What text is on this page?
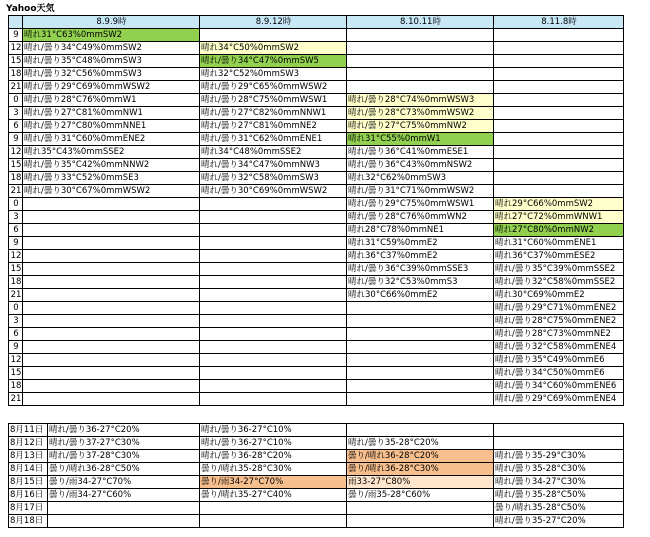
Yahoo天気
	8.9.9時	8.9.12時	8.10.11時	8.11.8時
9	晴れ31°C63%0mmSW2			
12	晴れ/曇り34°C49%0mmSW2	晴れ34°C50%0mmSW2		
15	晴れ/曇り35°C48%0mmSW3	晴れ/曇り34°C47%0mmSW5		
18	晴れ/曇り32°C56%0mmSW3	晴れ32°C52%0mmSW3		
21	晴れ/曇り29°C69%0mmWSW2	晴れ/曇り29°C65%0mmWSW2		
0	晴れ/曇り28°C76%0mmW1	晴れ/曇り28°C75%0mmWSW1	晴れ/曇り28°C74%0mmWSW3	
3	晴れ/曇り27°C81%0mmNW1	晴れ/曇り27°C82%0mmNNW1	晴れ/曇り28°C73%0mmWSW2	
6	晴れ/曇り27°C80%0mmNNE1	晴れ/曇り27°C81%0mmNE2	晴れ/曇り27°C75%0mmNW2	
9	晴れ/曇り31°C60%0mmENE2	晴れ/曇り31°C62%0mmENE1	晴れ31°C55%0mmW1	
12	晴れ35°C43%0mmSSE2	晴れ34°C48%0mmSSE2	晴れ/曇り36°C41%0mmESE1	
15	晴れ/曇り35°C42%0mmNNW2	晴れ/曇り34°C47%0mmNW3	晴れ/曇り36°C43%0mmNSW2	
18	晴れ/曇り33°C52%0mmSE3	晴れ/曇り32°C58%0mmSW3	晴れ32°C62%0mmSW3	
21	晴れ/曇り30°C67%0mmWSW2	晴れ/曇り30°C69%0mmWSW2	晴れ/曇り31°C71%0mmWSW2	
0			晴れ/曇り29°C75%0mmWSW1	晴れ29°C66%0mmSW2
3			晴れ/曇り28°C76%0mmWN2	晴れ27°C72%0mmWNW1
6			晴れ28°C78%0mmNE1	晴れ27°C80%0mmNW2
9			晴れ31°C59%0mmE2	晴れ31°C60%0mmENE1
12			晴れ36°C37%0mmE2	晴れ36°C37%0mmESE2
15			晴れ/曇り36°C39%0mmSSE3	晴れ/曇り35°C39%0mmSSE2
18			晴れ/曇り32°C53%0mmS3	晴れ/曇り32°C58%0mmSSE2
21			晴れ30°C66%0mmE2	晴れ30°C69%0mmE2
0				晴れ/曇り29°C71%0mmENE2
3				晴れ/曇り28°C75%0mmENE2
6				晴れ/曇り28°C73%0mmNE2
9				晴れ/曇り32°C58%0mmENE4
12				晴れ/曇り35°C49%0mmE6
15				晴れ/曇り34°C50%0mmE6
18				晴れ/曇り34°C60%0mmENE6
21				晴れ/曇り29°C69%0mmENE4
8月11日	晴れ/曇り36-27°C20%	晴れ/曇り36-27°C10%		
8月12日	晴れ/曇り37-27°C30%	晴れ/曇り36-27°C10%	晴れ/曇り35-28°C20%	
8月13日	晴れ/曇り37-28°C30%	晴れ/曇り36-28°C20%	曇り/晴れ36-28°C20%	晴れ/曇り35-29°C30%
8月14日	曇り/晴れ36-28°C50%	曇り/晴れ35-28°C30%	曇り/晴れ36-28°C30%	晴れ/曇り35-28°C30%
8月15日	曇り/雨34-27°C70%	曇り/雨34-27°C70%	雨33-27°C80%	晴れ/曇り34-27°C30%
8月16日	曇り/雨34-27°C60%	曇り/晴れ35-27°C40%	曇り/雨35-28°C60%	晴れ/曇り35-28°C50%
8月17日				曇り/晴れ35-28°C50%
8月18日				晴れ/曇り35-27°C20%
